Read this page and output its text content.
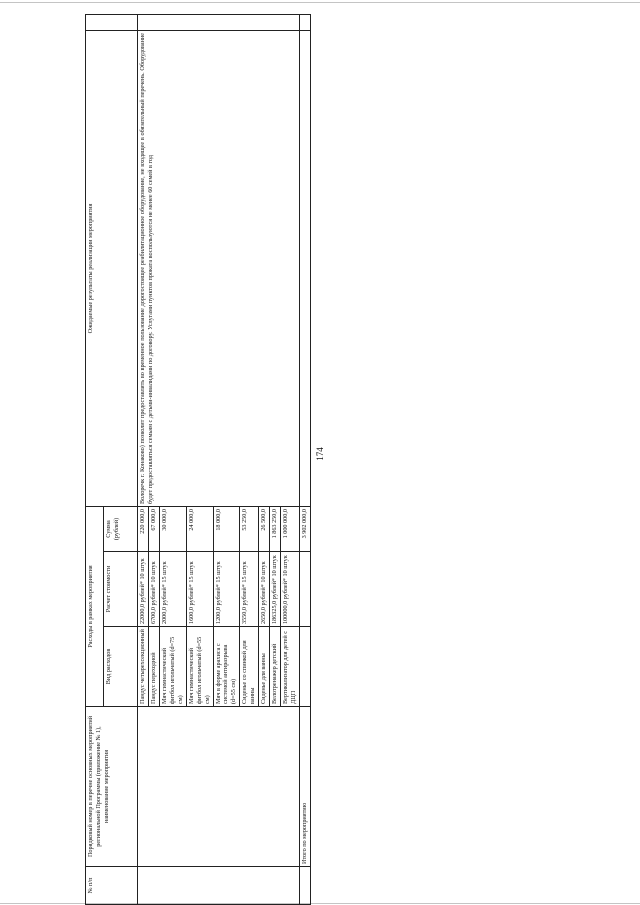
174
№ п/п	Порядковый номер в перечне основных мероприятий региональной Программы (приложение № 1), наименование мероприятия	Расходы в рамках мероприятия			Ожидаемые результаты реализации мероприятия	
		Вид расходов	Расчет стоимости	Сумма (рублей)		
		Пандус четырехсекционный	22000,0 рублей* 10 штук	220 000,0	Волоречк г. Конаково) позволит предоставлять во временное пользование дорогостоящее реабилитационное оборудование, не входящее в обязательный перечень. Оборудование будет предоставляться семьям с детьми-инвалидами по договору. Услугами пунктов проката воспользуются не менее 60 семей в год	
		Пандус переходной	6700,0 рублей* 10 штук	67 000,0		
		Мяч гимнастический фитбол игольчатый (d=75 см)	2000,0 рублей* 15 штук	30 000,0		
		Мяч гимнастический фитбол игольчатый (d=55 см)	1600,0 рублей* 15 штук	24 000,0		
		Мяч в форме арахиса с системой антиразрыва (d=55 см)	1200,0 рублей* 15 штук	18 000,0		
		Сиденье со спинкой для ванны	3550,0 рублей* 15 штук	53 250,0		
		Сиденье для ванны	2650,0 рублей* 10 штук	26 500,0		
		Велотренажер детский	186325,0 рублей* 10 штук	1 863 250,0		
		Вертикализатор для детей с ДЦП	100000,0 рублей* 10 штук	1 000 000,0		
	Итого по мероприятию			3 902 000,0		
